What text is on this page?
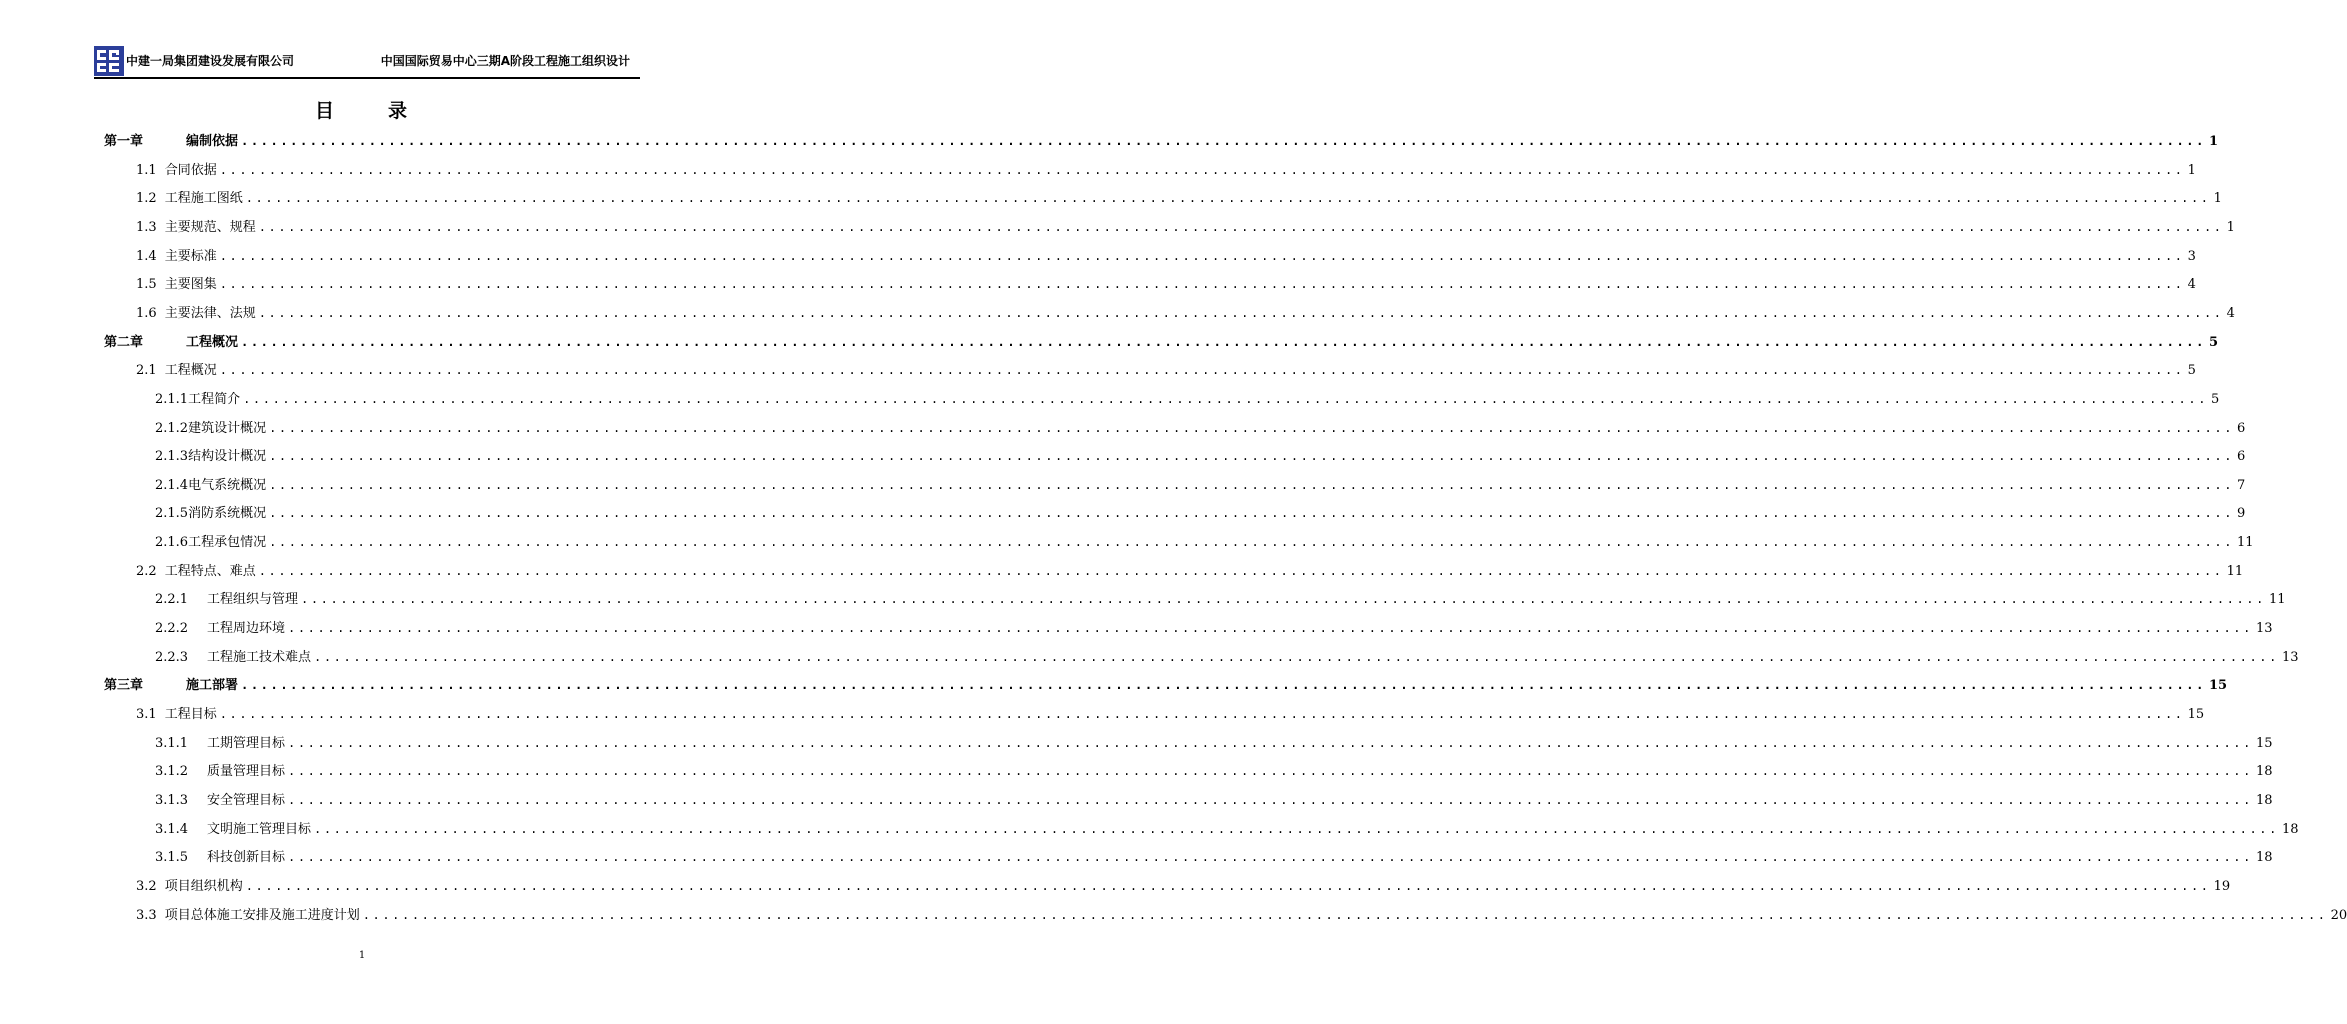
中建一局集团建设发展有限公司	中国国际贸易中心三期A阶段工程施工组织设计
目	录
第一章	编制依据 ........................................................................................................................................................................................................ 1
1.1 合同依据 ........................................................................................................................................................................................................ 1
1.2 工程施工图纸 ........................................................................................................................................................................................................ 1
1.3 主要规范、规程 ........................................................................................................................................................................................................ 1
1.4 主要标准 ........................................................................................................................................................................................................ 3
1.5 主要图集 ........................................................................................................................................................................................................ 4
1.6 主要法律、法规 ........................................................................................................................................................................................................ 4
第二章	工程概况 ........................................................................................................................................................................................................ 5
2.1 工程概况 ........................................................................................................................................................................................................ 5
2.1.1 工程简介 ........................................................................................................................................................................................................ 5
2.1.2 建筑设计概况 ........................................................................................................................................................................................................ 6
2.1.3 结构设计概况 ........................................................................................................................................................................................................ 6
2.1.4 电气系统概况 ........................................................................................................................................................................................................ 7
2.1.5 消防系统概况 ........................................................................................................................................................................................................ 9
2.1.6 工程承包情况 ........................................................................................................................................................................................................ 11
2.2 工程特点、难点 ........................................................................................................................................................................................................ 11
2.2.1	工程组织与管理 ........................................................................................................................................................................................................ 11
2.2.2	工程周边环境 ........................................................................................................................................................................................................ 13
2.2.3	工程施工技术难点 ........................................................................................................................................................................................................ 13
第三章	施工部署 ........................................................................................................................................................................................................ 15
3.1 工程目标 ........................................................................................................................................................................................................ 15
3.1.1	工期管理目标 ........................................................................................................................................................................................................ 15
3.1.2	质量管理目标 ........................................................................................................................................................................................................ 18
3.1.3	安全管理目标 ........................................................................................................................................................................................................ 18
3.1.4	文明施工管理目标 ........................................................................................................................................................................................................ 18
3.1.5	科技创新目标 ........................................................................................................................................................................................................ 18
3.2 项目组织机构 ........................................................................................................................................................................................................ 19
3.3 项目总体施工安排及施工进度计划 ........................................................................................................................................................................................................ 20
1
